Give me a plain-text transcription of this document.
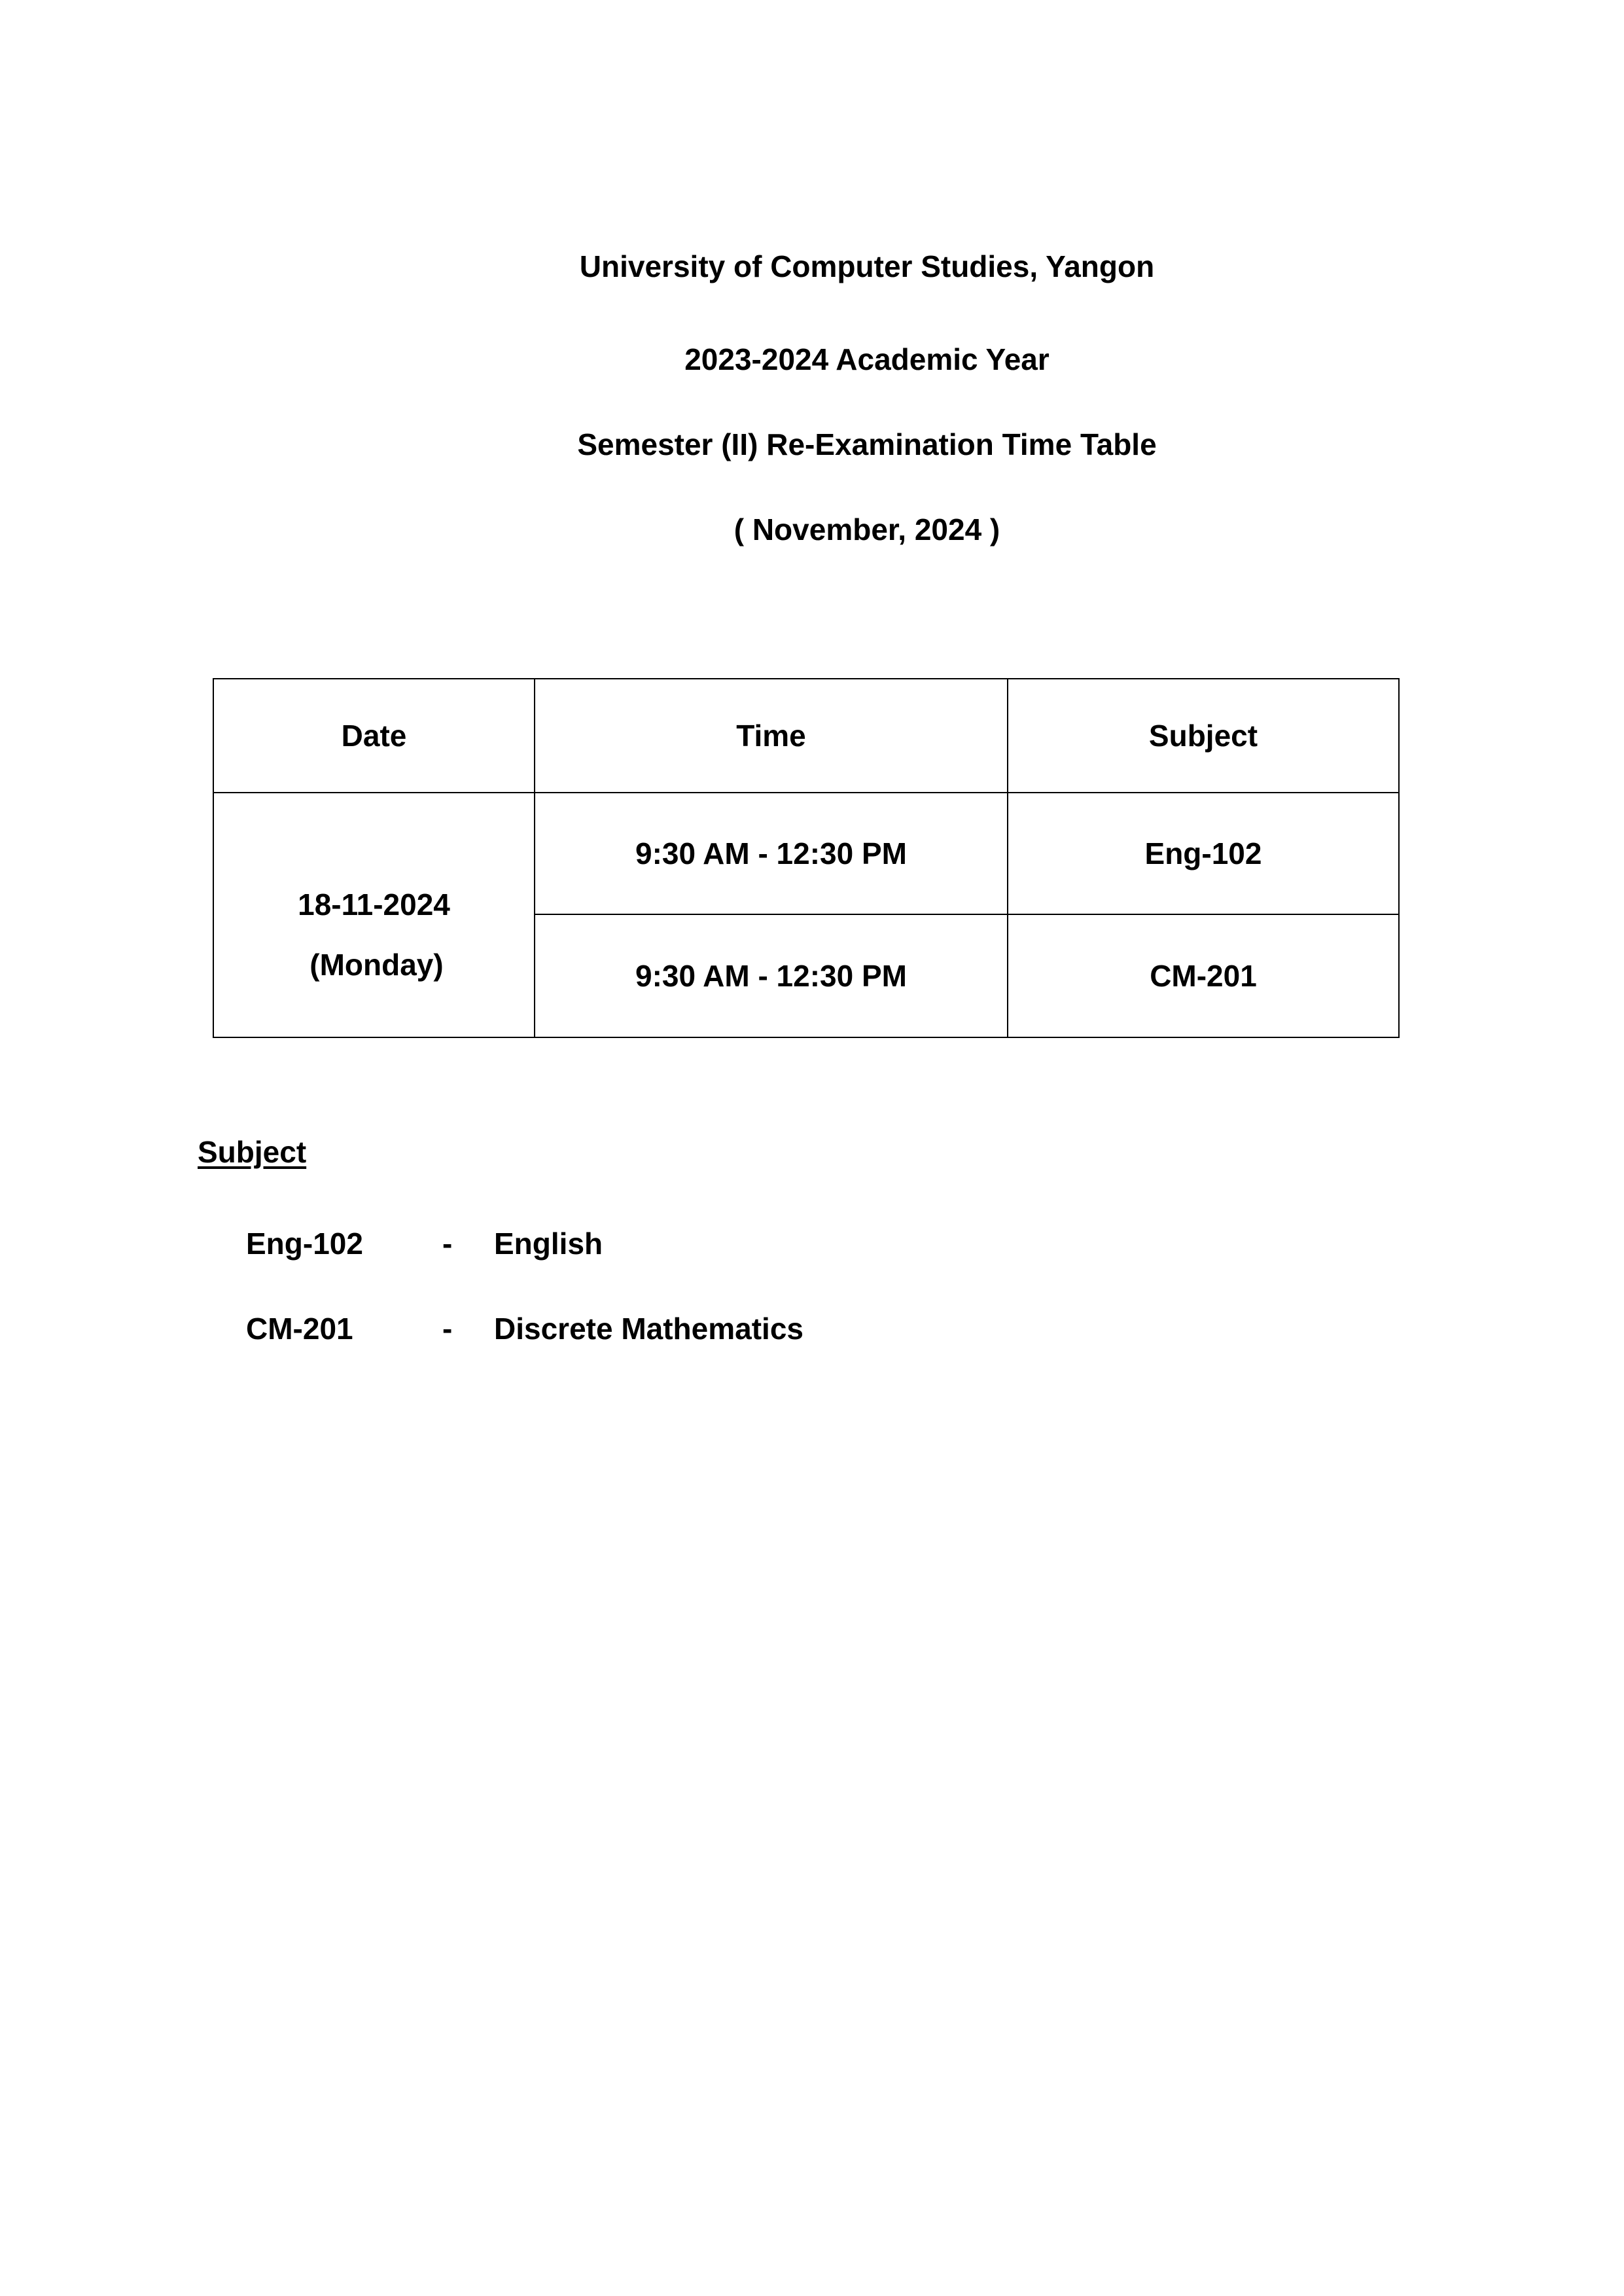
University of Computer Studies, Yangon
2023-2024 Academic Year
Semester (II) Re-Examination Time Table
( November, 2024 )
Date	Time	Subject

18-11-2024
(Monday)	9:30 AM - 12:30 PM	Eng-102
	9:30 AM - 12:30 PM	CM-201
Subject
Eng-102	- English
CM-201	- Discrete Mathematics
